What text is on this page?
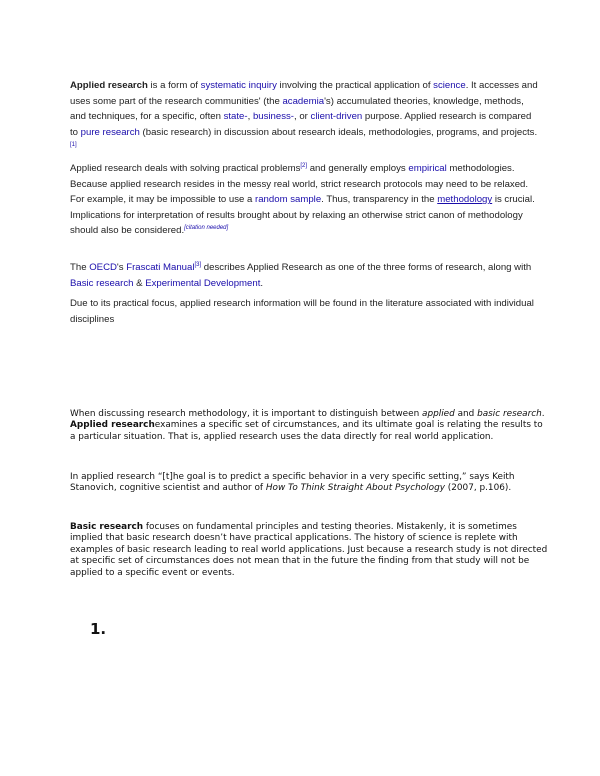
Applied research is a form of systematic inquiry involving the practical application of science. It accesses and uses some part of the research communities' (the academia's) accumulated theories, knowledge, methods, and techniques, for a specific, often state-, business-, or client-driven purpose. Applied research is compared to pure research (basic research) in discussion about research ideals, methodologies, programs, and projects.[1]

Applied research deals with solving practical problems[2] and generally employs empirical methodologies. Because applied research resides in the messy real world, strict research protocols may need to be relaxed. For example, it may be impossible to use a random sample. Thus, transparency in the methodology is crucial. Implications for interpretation of results brought about by relaxing an otherwise strict canon of methodology should also be considered.[citation needed]

The OECD's Frascati Manual[3] describes Applied Research as one of the three forms of research, along with Basic research & Experimental Development.

Due to its practical focus, applied research information will be found in the literature associated with individual disciplines

When discussing research methodology, it is important to distinguish between applied and basic research. Applied researchexamines a specific set of circumstances, and its ultimate goal is relating the results to a particular situation. That is, applied research uses the data directly for real world application.

In applied research “[t]he goal is to predict a specific behavior in a very specific setting,” says Keith Stanovich, cognitive scientist and author of How To Think Straight About Psychology (2007, p.106).

Basic research focuses on fundamental principles and testing theories. Mistakenly, it is sometimes implied that basic research doesn’t have practical applications. The history of science is replete with examples of basic research leading to real world applications. Just because a research study is not directed at specific set of circumstances does not mean that in the future the finding from that study will not be applied to a specific event or events.

1.
